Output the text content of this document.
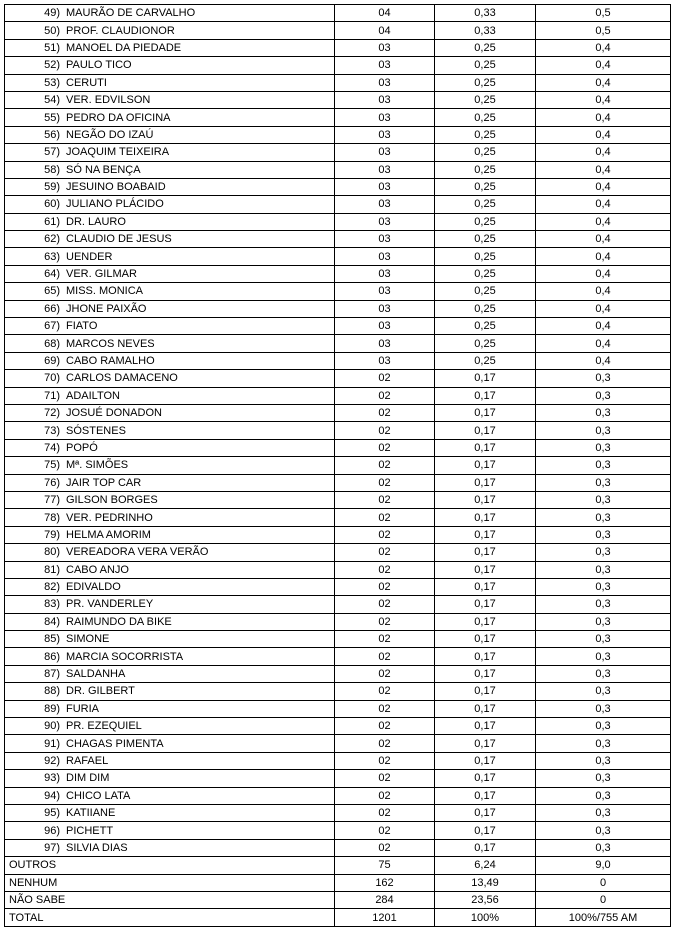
49) MAURÃO DE CARVALHO	04	0,33	0,5
50) PROF. CLAUDIONOR	04	0,33	0,5
51) MANOEL DA PIEDADE	03	0,25	0,4
52) PAULO TICO	03	0,25	0,4
53) CERUTI	03	0,25	0,4
54) VER. EDVILSON	03	0,25	0,4
55) PEDRO DA OFICINA	03	0,25	0,4
56) NEGÃO DO IZAÚ	03	0,25	0,4
57) JOAQUIM TEIXEIRA	03	0,25	0,4
58) SÓ NA BENÇA	03	0,25	0,4
59) JESUINO BOABAID	03	0,25	0,4
60) JULIANO PLÁCIDO	03	0,25	0,4
61) DR. LAURO	03	0,25	0,4
62) CLAUDIO DE JESUS	03	0,25	0,4
63) UENDER	03	0,25	0,4
64) VER. GILMAR	03	0,25	0,4
65) MISS. MONICA	03	0,25	0,4
66) JHONE PAIXÃO	03	0,25	0,4
67) FIATO	03	0,25	0,4
68) MARCOS NEVES	03	0,25	0,4
69) CABO RAMALHO	03	0,25	0,4
70) CARLOS DAMACENO	02	0,17	0,3
71) ADAILTON	02	0,17	0,3
72) JOSUÉ DONADON	02	0,17	0,3
73) SÓSTENES	02	0,17	0,3
74) POPÓ	02	0,17	0,3
75) Mª. SIMÕES	02	0,17	0,3
76) JAIR TOP CAR	02	0,17	0,3
77) GILSON BORGES	02	0,17	0,3
78) VER. PEDRINHO	02	0,17	0,3
79) HELMA AMORIM	02	0,17	0,3
80) VEREADORA VERA VERÃO	02	0,17	0,3
81) CABO ANJO	02	0,17	0,3
82) EDIVALDO	02	0,17	0,3
83) PR. VANDERLEY	02	0,17	0,3
84) RAIMUNDO DA BIKE	02	0,17	0,3
85) SIMONE	02	0,17	0,3
86) MARCIA SOCORRISTA	02	0,17	0,3
87) SALDANHA	02	0,17	0,3
88) DR. GILBERT	02	0,17	0,3
89) FURIA	02	0,17	0,3
90) PR. EZEQUIEL	02	0,17	0,3
91) CHAGAS PIMENTA	02	0,17	0,3
92) RAFAEL	02	0,17	0,3
93) DIM DIM	02	0,17	0,3
94) CHICO LATA	02	0,17	0,3
95) KATIIANE	02	0,17	0,3
96) PICHETT	02	0,17	0,3
97) SILVIA DIAS	02	0,17	0,3
OUTROS	75	6,24	9,0
NENHUM	162	13,49	0
NÃO SABE	284	23,56	0
TOTAL	1201	100%	100%/755 AM
